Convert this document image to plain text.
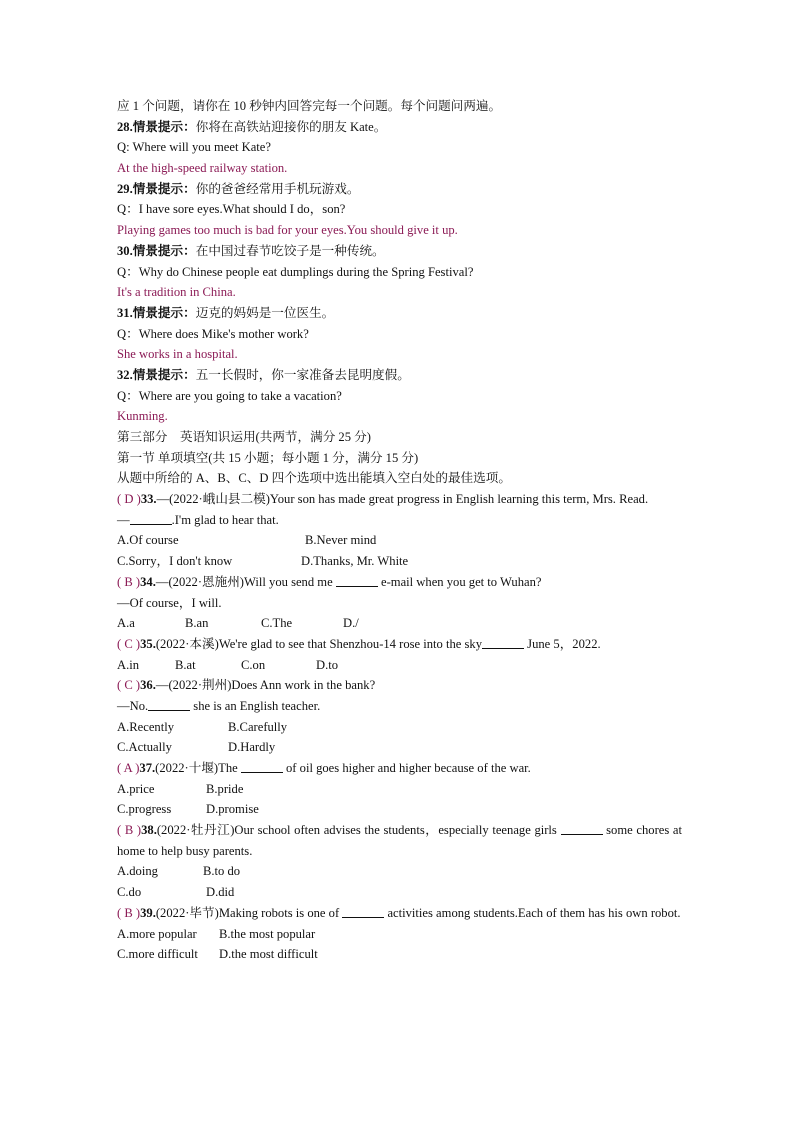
应 1 个问题，请你在 10 秒钟内回答完每一个问题。每个问题问两遍。
28.情景提示：你将在高铁站迎接你的朋友 Kate。
Q: Where will you meet Kate?
At the high-speed railway station.
29.情景提示：你的爸爸经常用手机玩游戏。
Q：I have sore eyes.What should I do，son?
Playing games too much is bad for your eyes.You should give it up.
30.情景提示：在中国过春节吃饺子是一种传统。
Q：Why do Chinese people eat dumplings during the Spring Festival?
It's a tradition in China.
31.情景提示：迈克的妈妈是一位医生。
Q：Where does Mike's mother work?
She works in a hospital.
32.情景提示：五一长假时，你一家准备去昆明度假。
Q：Where are you going to take a vacation?
Kunming.
第三部分　英语知识运用(共两节，满分 25 分)
第一节 单项填空(共 15 小题；每小题 1 分，满分 15 分)
从题中所给的 A、B、C、D 四个选项中选出能填入空白处的最佳选项。
( D )33.—(2022·峨山县二模)Your son has made great progress in English learning this term, Mrs. Read.
—	.I'm glad to hear that.
A.Of course	B.Never mind
C.Sorry，I don't know	D.Thanks, Mr. White
( B )34.—(2022·恩施州)Will you send me	e-mail when you get to Wuhan?
—Of course，I will.
A.a	B.an	C.The	D./
( C )35.(2022·本溪)We're glad to see that Shenzhou-14 rose into the sky	June 5，2022.
A.in	B.at	C.on	D.to
( C )36.—(2022·荆州)Does Ann work in the bank?
—No.	she is an English teacher.
A.Recently	B.Carefully
C.Actually	D.Hardly
( A )37.(2022·十堰)The	of oil goes higher and higher because of the war.
A.price	B.pride
C.progress	D.promise
( B )38.(2022·牡丹江)Our school often advises the students，especially teenage girls	some chores at home to help busy parents.
A.doing	B.to do
C.do	D.did
( B )39.(2022·毕节)Making robots is one of	activities among students.Each of them has his own robot.
A.more popular B.the most popular
C.more difficult D.the most difficult
